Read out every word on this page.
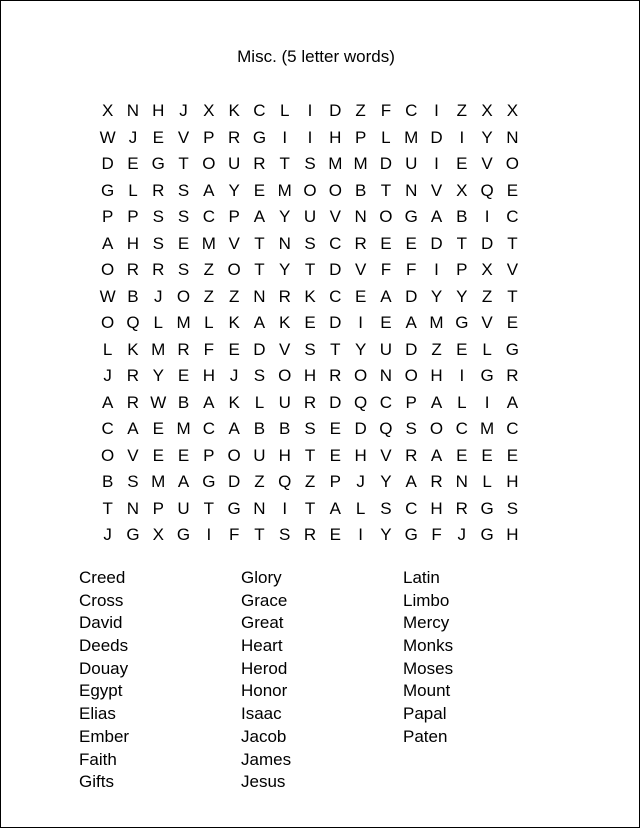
Misc. (5 letter words)
X N H J X K C L	I D Z F C I	Z X X
W J E V P R G I	I H P L M D I	Y N
D E G T O U R T S M M D U I	E V O
G L R S A Y E M O O B T N V X Q E
P P S S C P A Y U V N O G A B	I C
A H S E M V T N S C R E E D T D T
O R R S Z O T Y T D V F F	I	P X V
W B J O Z Z N R K C E A D Y Y Z T
O Q L M L K A K E D I	E A M G V E
L K M R F E D V S T Y U D Z E L G
J R Y E H J S O H R O N O H I G R
A R W B A K L U R D Q C P A L	I	A
C A E M C A B B S E D Q S O C M C
O V E E P O U H T E H V R A E E E
B S M A G D Z Q Z P J Y A R N L H
T N P U T G N I	T A L S C H R G S
J G X G I	F T S R E	I	Y G F J G H
Creed
Cross
David
Deeds
Douay
Egypt
Elias
Ember
Faith
Gifts
Glory
Grace
Great
Heart
Herod
Honor
Isaac
Jacob
James
Jesus
Latin
Limbo
Mercy
Monks
Moses
Mount
Papal
Paten
